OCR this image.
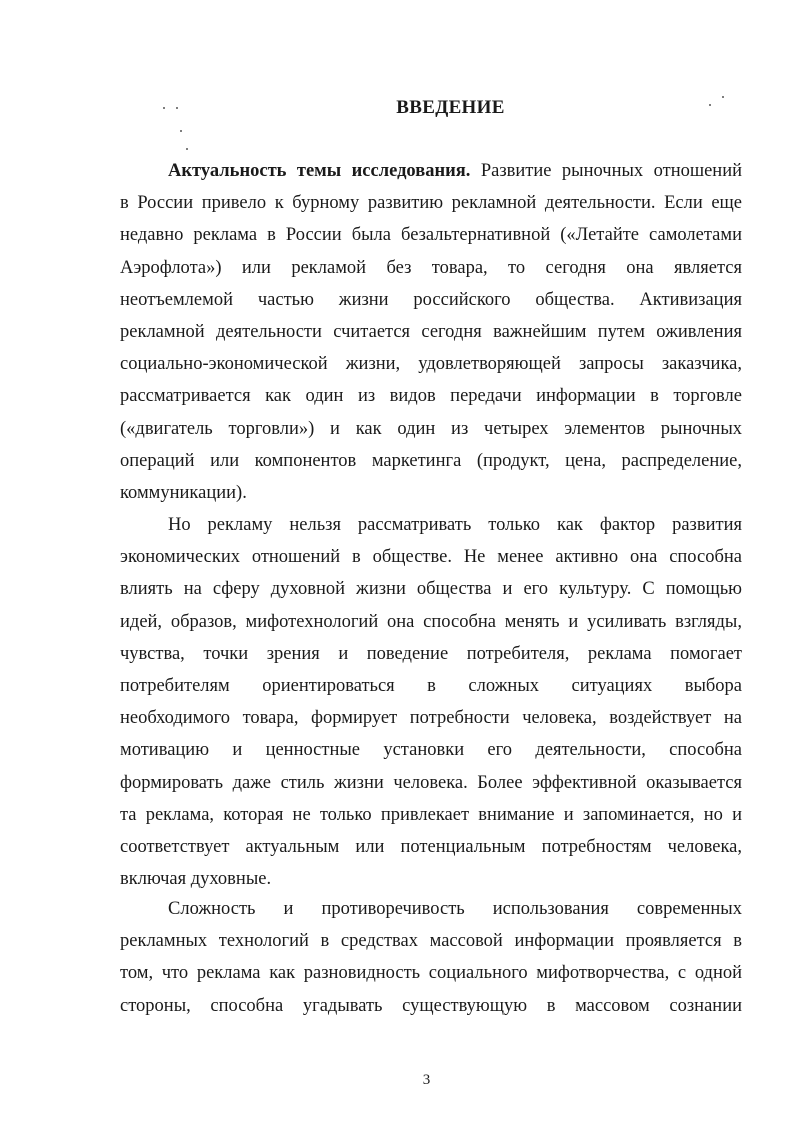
ВВЕДЕНИЕ
Актуальность темы исследования. Развитие рыночных отношений
в России привело к бурному развитию рекламной деятельности. Если еще
недавно реклама в России была безальтернативной («Летайте самолетами
Аэрофлота») или рекламой без товара, то сегодня она является
неотъемлемой частью жизни российского общества. Активизация
рекламной деятельности считается сегодня важнейшим путем оживления
социально-экономической жизни, удовлетворяющей запросы заказчика,
рассматривается как один из видов передачи информации в торговле
(«двигатель торговли») и как один из четырех элементов рыночных
операций или компонентов маркетинга (продукт, цена, распределение,
коммуникации).
Но рекламу нельзя рассматривать только как фактор развития
экономических отношений в обществе. Не менее активно она способна
влиять на сферу духовной жизни общества и его культуру. С помощью
идей, образов, мифотехнологий она способна менять и усиливать взгляды,
чувства, точки зрения и поведение потребителя, реклама помогает
потребителям ориентироваться в сложных ситуациях выбора
необходимого товара, формирует потребности человека, воздействует на
мотивацию и ценностные установки его деятельности, способна
формировать даже стиль жизни человека. Более эффективной оказывается
та реклама, которая не только привлекает внимание и запоминается, но и
соответствует актуальным или потенциальным потребностям человека,
включая духовные.
Сложность и противоречивость использования современных
рекламных технологий в средствах массовой информации проявляется в
том, что реклама как разновидность социального мифотворчества, с одной
стороны, способна угадывать существующую в массовом сознании
3
